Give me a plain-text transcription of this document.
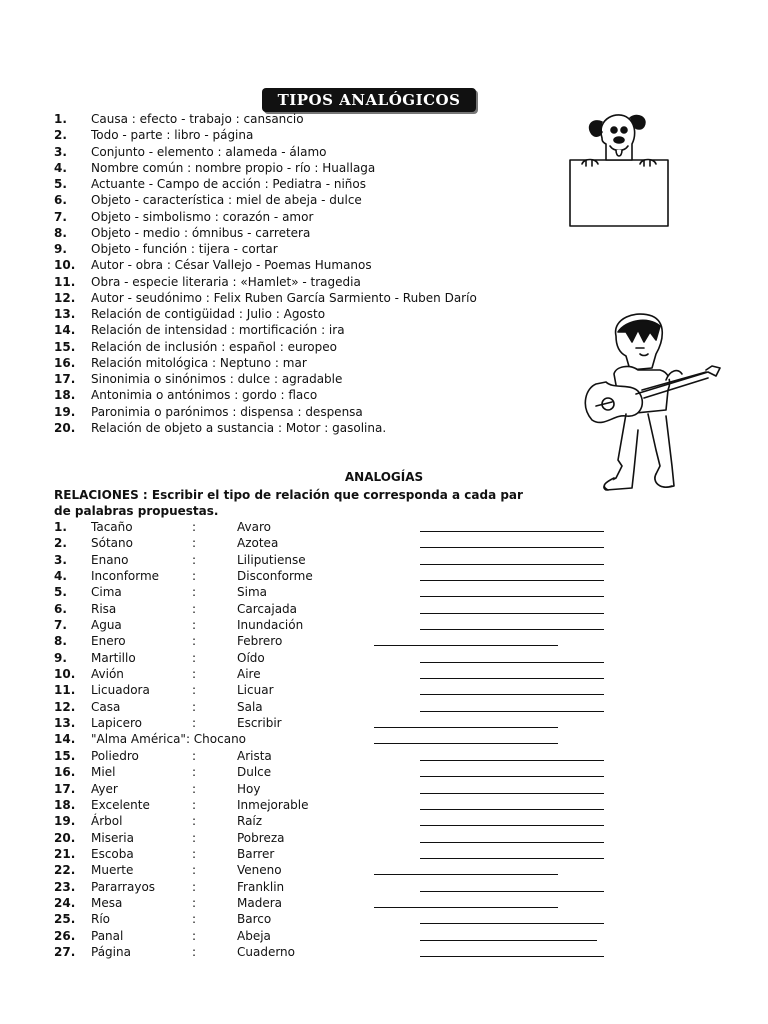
TIPOS ANALÓGICOS
1. Causa : efecto - trabajo : cansancio
2. Todo - parte : libro - página
3. Conjunto - elemento : alameda - álamo
4. Nombre común : nombre propio - río : Huallaga
5. Actuante - Campo de acción : Pediatra - niños
6. Objeto - característica : miel de abeja - dulce
7. Objeto - simbolismo : corazón - amor
8. Objeto - medio : ómnibus - carretera
9. Objeto - función : tijera - cortar
10. Autor - obra : César Vallejo - Poemas Humanos
11. Obra - especie literaria : «Hamlet» - tragedia
12. Autor - seudónimo : Felix Ruben García Sarmiento - Ruben Darío
13. Relación de contigüidad : Julio : Agosto
14. Relación de intensidad : mortificación : ira
15. Relación de inclusión : español : europeo
16. Relación mitológica : Neptuno : mar
17. Sinonimia o sinónimos : dulce : agradable
18. Antonimia o antónimos : gordo : flaco
19. Paronimia o parónimos : dispensa : despensa
20. Relación de objeto a sustancia : Motor : gasolina.
ANALOGÍAS
RELACIONES : Escribir el tipo de relación que corresponda a cada par de palabras propuestas.
1. Tacaño	:	Avaro
2. Sótano	:	Azotea
3. Enano	:	Liliputiense
4. Inconforme	:	Disconforme
5. Cima	:	Sima
6. Risa	:	Carcajada
7. Agua	:	Inundación
8. Enero	:	Febrero
9. Martillo	:	Oído
10. Avión	:	Aire
11. Licuadora	:	Licuar
12. Casa	:	Sala
13. Lapicero	:	Escribir
14. "Alma América": Chocano
15. Poliedro	:	Arista
16. Miel	:	Dulce
17. Ayer	:	Hoy
18. Excelente	:	Inmejorable
19. Árbol	:	Raíz
20. Miseria	:	Pobreza
21. Escoba	:	Barrer
22. Muerte	:	Veneno
23. Pararrayos	:	Franklin
24. Mesa	:	Madera
25. Río	:	Barco
26. Panal	:	Abeja
27. Página	:	Cuaderno
